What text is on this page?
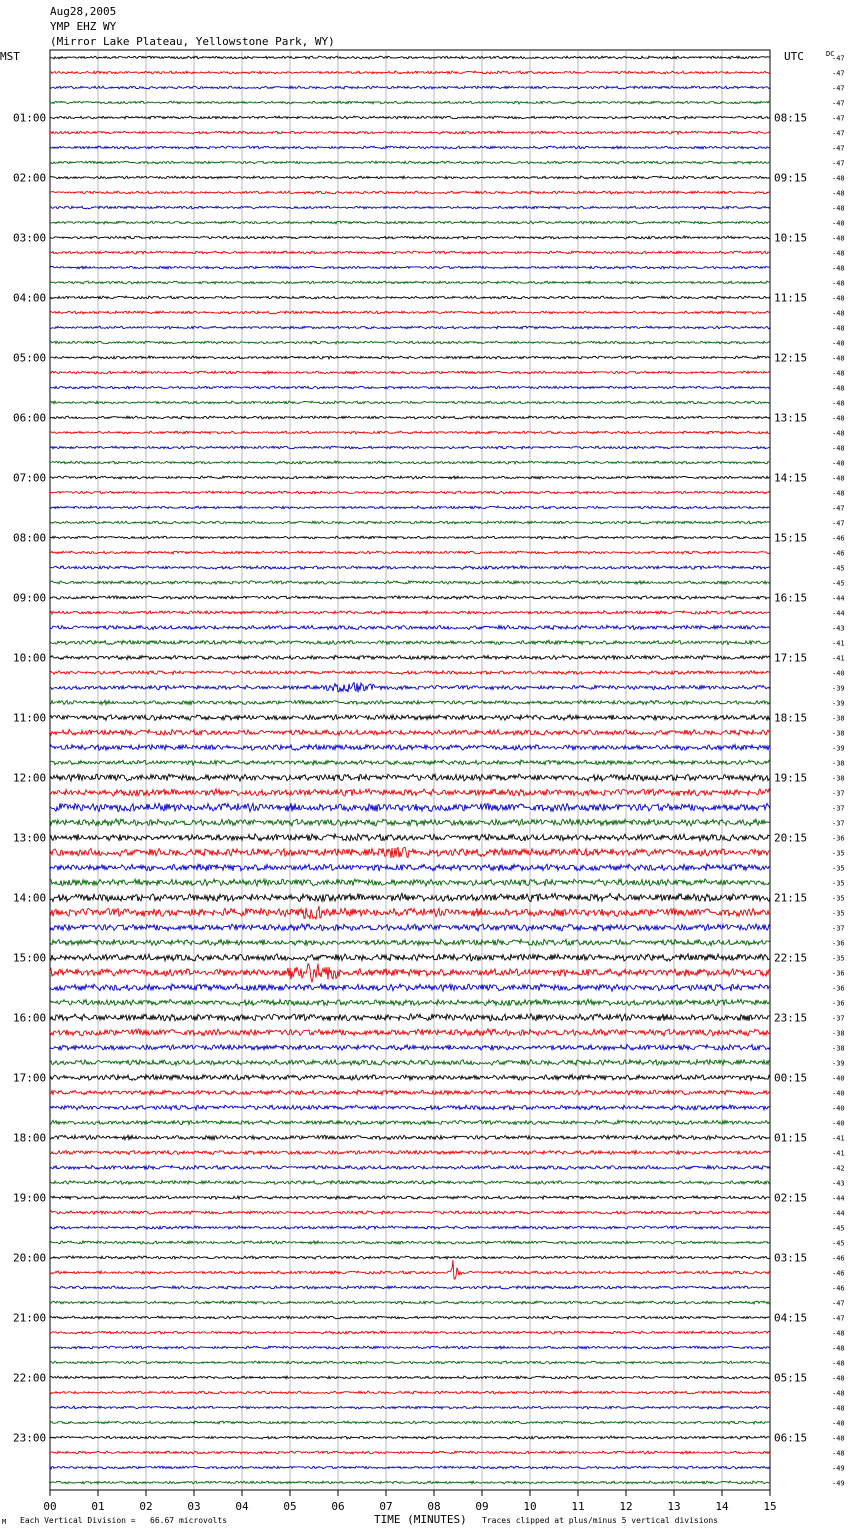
Aug28,2005
YMP EHZ WY
(Mirror Lake Plateau, Yellowstone Park, WY)
MST	UTC	DC
01:00
02:00
03:00
04:00
05:00
06:00
07:00
08:00
09:00
10:00
11:00
12:00
13:00
14:00
15:00
16:00
17:00
18:00
19:00
20:00
21:00
22:00
23:00
08:15
09:15
10:15
11:15
12:15
13:15
14:15
15:15
16:15
17:15
18:15
19:15
20:15
21:15
22:15
23:15
00:15
01:15
02:15
03:15
04:15
05:15
06:15
-47
-47
-47
-47
-47
-47
-47
-47
-48
-48
-48
-48
-48
-48
-48
-48
-48
-48
-48
-48
-48
-48
-48
-48
-48
-48
-48
-48
-48
-48
-47
-47
-46
-46
-45
-45
-44
-44
-43
-41
-41
-40
-39
-39
-38
-38
-39
-38
-38
-37
-37
-37
-36
-35
-35
-35
-35
-35
-37
-36
-35
-36
-36
-36
-37
-38
-38
-39
-40
-40
-40
-40
-41
-41
-42
-43
-44
-44
-45
-45
-46
-46
-46
-47
-47
-48
-48
-48
-48
-48
-48
-48
-48
-48
-49
-49
00	01	02	03	04	05	06	07	08	09	10	11	12	13	14	15
M Each Vertical Division =   66.67 microvolts	TIME (MINUTES) Traces clipped at plus/minus 5 vertical divisions
